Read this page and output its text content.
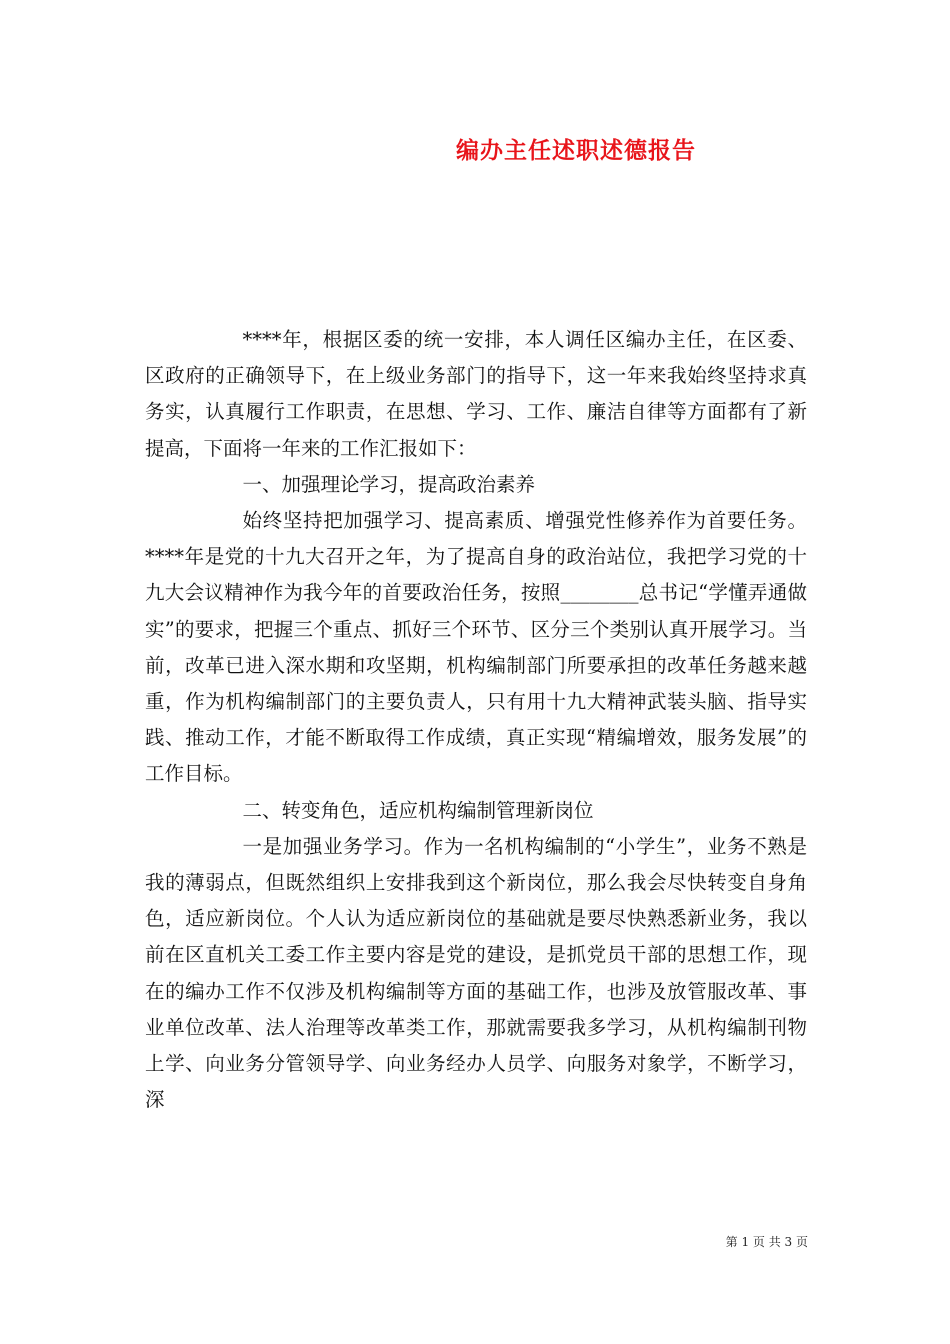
编办主任述职述德报告

****年，根据区委的统一安排，本人调任区编办主任，在区委、区政府的正确领导下，在上级业务部门的指导下，这一年来我始终坚持求真务实，认真履行工作职责，在思想、学习、工作、廉洁自律等方面都有了新提高，下面将一年来的工作汇报如下：

一、加强理论学习，提高政治素养

始终坚持把加强学习、提高素质、增强党性修养作为首要任务。****年是党的十九大召开之年，为了提高自身的政治站位，我把学习党的十九大会议精神作为我今年的首要政治任务，按照________总书记“学懂弄通做实”的要求，把握三个重点、抓好三个环节、区分三个类别认真开展学习。当前，改革已进入深水期和攻坚期，机构编制部门所要承担的改革任务越来越重，作为机构编制部门的主要负责人，只有用十九大精神武装头脑、指导实践、推动工作，才能不断取得工作成绩，真正实现“精编增效，服务发展”的工作目标。

二、转变角色，适应机构编制管理新岗位

一是加强业务学习。作为一名机构编制的“小学生”，业务不熟是我的薄弱点，但既然组织上安排我到这个新岗位，那么我会尽快转变自身角色，适应新岗位。个人认为适应新岗位的基础就是要尽快熟悉新业务，我以前在区直机关工委工作主要内容是党的建设，是抓党员干部的思想工作，现在的编办工作不仅涉及机构编制等方面的基础工作，也涉及放管服改革、事业单位改革、法人治理等改革类工作，那就需要我多学习，从机构编制刊物上学、向业务分管领导学、向业务经办人员学、向服务对象学，不断学习，深

第 1 页 共 3 页
